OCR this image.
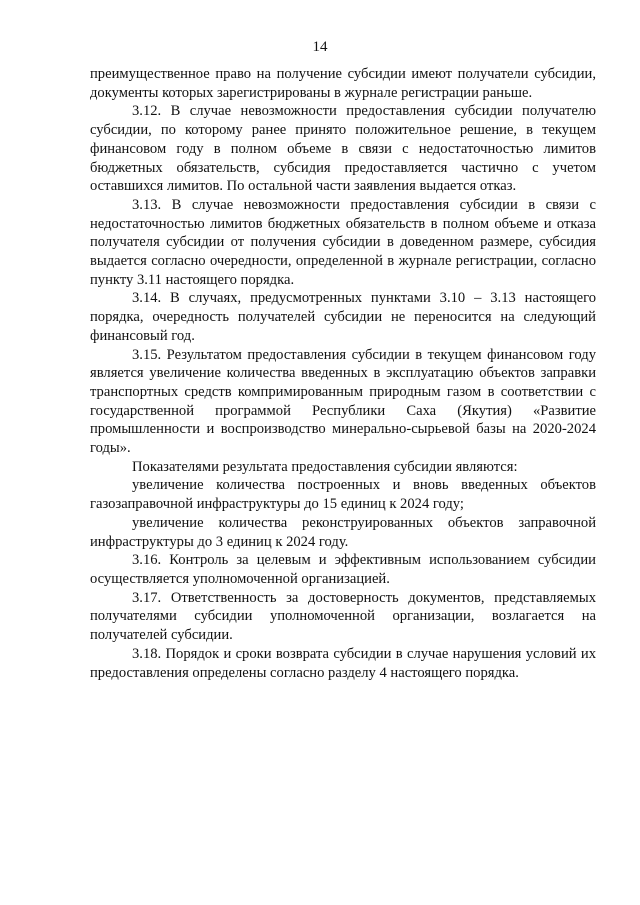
14

преимущественное право на получение субсидии имеют получатели субсидии, документы которых зарегистрированы в журнале регистрации раньше.

3.12. В случае невозможности предоставления субсидии получателю субсидии, по которому ранее принято положительное решение, в текущем финансовом году в полном объеме в связи с недостаточностью лимитов бюджетных обязательств, субсидия предоставляется частично с учетом оставшихся лимитов. По остальной части заявления выдается отказ.

3.13. В случае невозможности предоставления субсидии в связи с недостаточностью лимитов бюджетных обязательств в полном объеме и отказа получателя субсидии от получения субсидии в доведенном размере, субсидия выдается согласно очередности, определенной в журнале регистрации, согласно пункту 3.11 настоящего порядка.

3.14. В случаях, предусмотренных пунктами 3.10 – 3.13 настоящего порядка, очередность получателей субсидии не переносится на следующий финансовый год.

3.15. Результатом предоставления субсидии в текущем финансовом году является увеличение количества введенных в эксплуатацию объектов заправки транспортных средств компримированным природным газом в соответствии с государственной программой Республики Саха (Якутия) «Развитие промышленности и воспроизводство минерально-сырьевой базы на 2020-2024 годы».

Показателями результата предоставления субсидии являются:

увеличение количества построенных и вновь введенных объектов газозаправочной инфраструктуры до 15 единиц к 2024 году;

увеличение количества реконструированных объектов заправочной инфраструктуры до 3 единиц к 2024 году.

3.16. Контроль за целевым и эффективным использованием субсидии осуществляется уполномоченной организацией.

3.17. Ответственность за достоверность документов, представляемых получателями субсидии уполномоченной организации, возлагается на получателей субсидии.

3.18. Порядок и сроки возврата субсидии в случае нарушения условий их предоставления определены согласно разделу 4 настоящего порядка.
